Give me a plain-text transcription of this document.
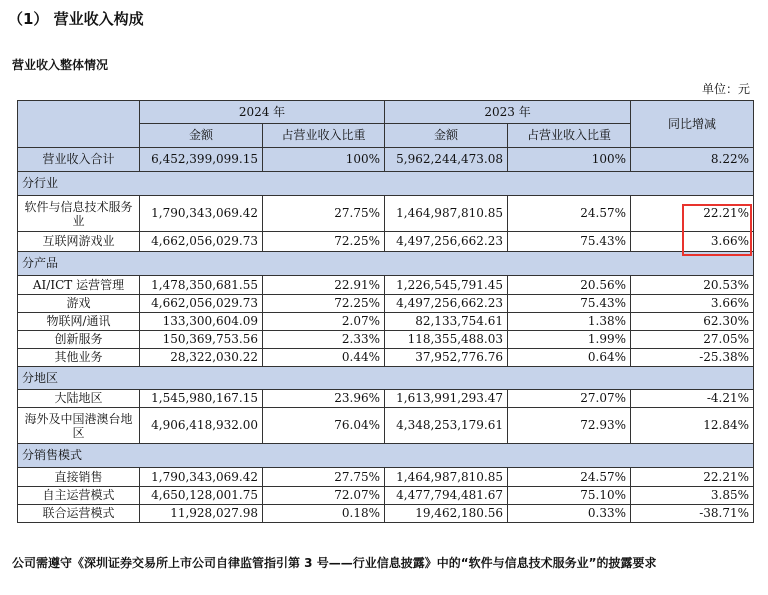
（1） 营业收入构成
营业收入整体情况
单位：元
	2024 年		2023 年		同比增减
	金额	占营业收入比重	金额	占营业收入比重	
营业收入合计	6,452,399,099.15	100%	5,962,244,473.08	100%	8.22%
分行业					
软件与信息技术服务业	1,790,343,069.42	27.75%	1,464,987,810.85	24.57%	22.21%
互联网游戏业	4,662,056,029.73	72.25%	4,497,256,662.23	75.43%	3.66%
分产品					
AI/ICT 运营管理	1,478,350,681.55	22.91%	1,226,545,791.45	20.56%	20.53%
游戏	4,662,056,029.73	72.25%	4,497,256,662.23	75.43%	3.66%
物联网/通讯	133,300,604.09	2.07%	82,133,754.61	1.38%	62.30%
创新服务	150,369,753.56	2.33%	118,355,488.03	1.99%	27.05%
其他业务	28,322,030.22	0.44%	37,952,776.76	0.64%	-25.38%
分地区					
大陆地区	1,545,980,167.15	23.96%	1,613,991,293.47	27.07%	-4.21%
海外及中国港澳台地区	4,906,418,932.00	76.04%	4,348,253,179.61	72.93%	12.84%
分销售模式					
直接销售	1,790,343,069.42	27.75%	1,464,987,810.85	24.57%	22.21%
自主运营模式	4,650,128,001.75	72.07%	4,477,794,481.67	75.10%	3.85%
联合运营模式	11,928,027.98	0.18%	19,462,180.56	0.33%	-38.71%
公司需遵守《深圳证券交易所上市公司自律监管指引第 3 号——行业信息披露》中的“软件与信息技术服务业”的披露要求
